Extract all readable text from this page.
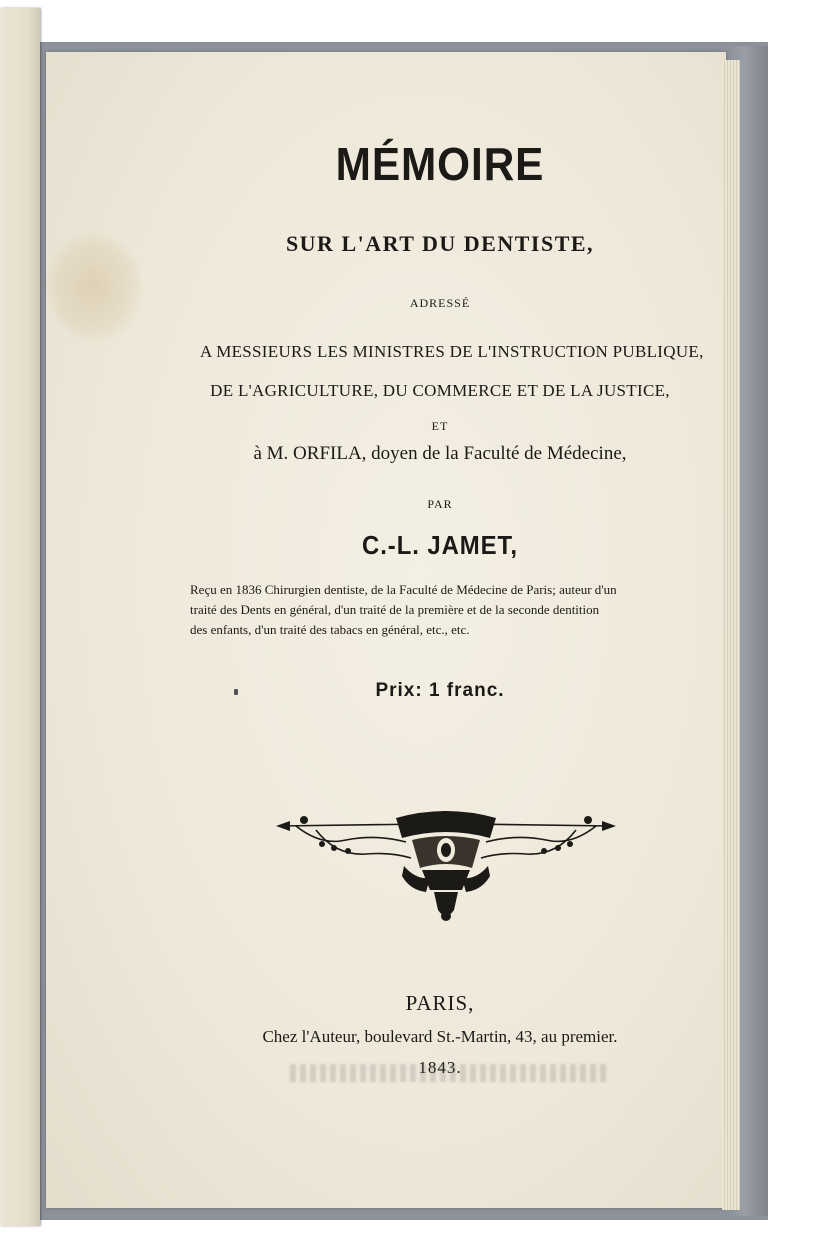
MÉMOIRE
SUR L'ART DU DENTISTE,
ADRESSÉ
A MESSIEURS LES MINISTRES DE L'INSTRUCTION PUBLIQUE,
DE L'AGRICULTURE, DU COMMERCE ET DE LA JUSTICE,
ET
à M. ORFILA, doyen de la Faculté de Médecine,
PAR
C.-L. JAMET,
Reçu en 1836 Chirurgien dentiste, de la Faculté de Médecine de Paris; auteur d'un
traité des Dents en général, d'un traité de la première et de la seconde dentition
des enfants, d'un traité des tabacs en général, etc., etc.
Prix: 1 franc.
PARIS,
Chez l'Auteur, boulevard St.-Martin, 43, au premier.
1843.
